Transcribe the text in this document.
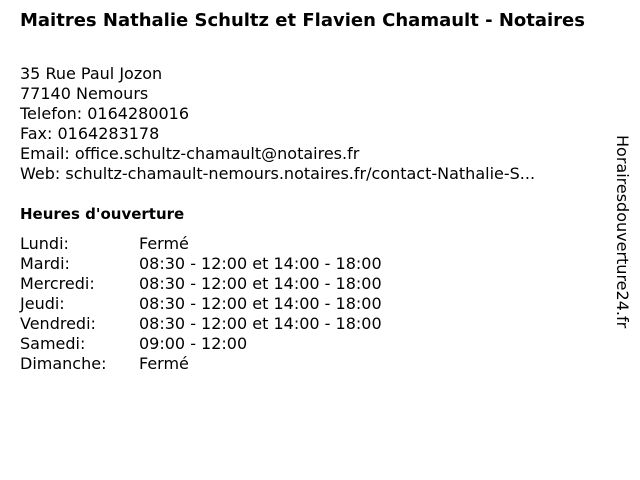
Maitres Nathalie Schultz et Flavien Chamault - Notaires
35 Rue Paul Jozon
77140 Nemours
Telefon: 0164280016
Fax: 0164283178
Email: office.schultz-chamault@notaires.fr
Web: schultz-chamault-nemours.notaires.fr/contact-Nathalie-S...
Heures d'ouverture
Lundi:	Fermé
Mardi:	08:30 - 12:00 et 14:00 - 18:00
Mercredi:	08:30 - 12:00 et 14:00 - 18:00
Jeudi:	08:30 - 12:00 et 14:00 - 18:00
Vendredi:	08:30 - 12:00 et 14:00 - 18:00
Samedi:	09:00 - 12:00
Dimanche: Fermé
Horairesdouverture24.fr
